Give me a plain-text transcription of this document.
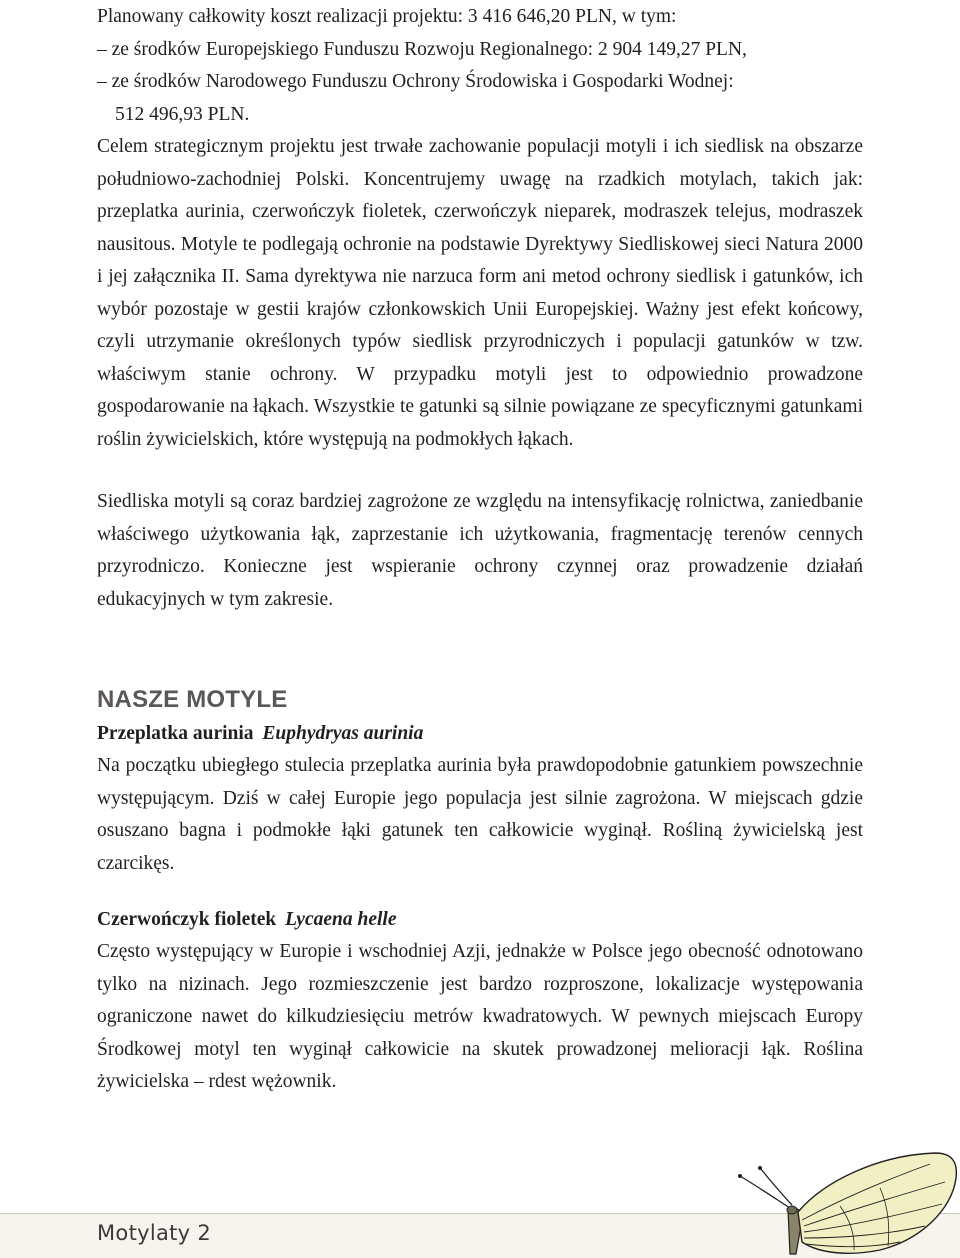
Planowany całkowity koszt realizacji projektu: 3 416 646,20 PLN, w tym:
– ze środków Europejskiego Funduszu Rozwoju Regionalnego: 2 904 149,27 PLN,
– ze środków Narodowego Funduszu Ochrony Środowiska i Gospodarki Wodnej:
512 496,93 PLN.
Celem strategicznym projektu jest trwałe zachowanie populacji motyli i ich siedlisk na obszarze południowo-zachodniej Polski. Koncentrujemy uwagę na rzadkich motylach, takich jak: przeplatka aurinia, czerwończyk fioletek, czerwończyk nieparek, modraszek telejus, modraszek nausitous. Motyle te podlegają ochronie na podstawie Dyrektywy Siedliskowej sieci Natura 2000 i jej załącznika II. Sama dyrektywa nie narzuca form ani metod ochrony siedlisk i gatunków, ich wybór pozostaje w gestii krajów członkowskich Unii Europejskiej. Ważny jest efekt końcowy, czyli utrzymanie określonych typów siedlisk przyrodniczych i populacji gatunków w tzw. właściwym stanie ochrony. W przypadku motyli jest to odpowiednio prowadzone gospodarowanie na łąkach. Wszystkie te gatunki są silnie powiązane ze specyficznymi gatunkami roślin żywicielskich, które występują na podmokłych łąkach.

Siedliska motyli są coraz bardziej zagrożone ze względu na intensyfikację rolnictwa, zaniedbanie właściwego użytkowania łąk, zaprzestanie ich użytkowania, fragmentację terenów cennych przyrodniczo. Konieczne jest wspieranie ochrony czynnej oraz prowadzenie działań edukacyjnych w tym zakresie.

NASZE MOTYLE
Przeplatka aurinia Euphydryas aurinia

Na początku ubiegłego stulecia przeplatka aurinia była prawdopodobnie gatunkiem powszechnie występującym. Dziś w całej Europie jego populacja jest silnie zagrożona. W miejscach gdzie osuszano bagna i podmokłe łąki gatunek ten całkowicie wyginął. Rośliną żywicielską jest czarcikęs.

Czerwończyk fioletek Lycaena helle

Często występujący w Europie i wschodniej Azji, jednakże w Polsce jego obecność odnotowano tylko na nizinach. Jego rozmieszczenie jest bardzo rozproszone, lokalizacje występowania ograniczone nawet do kilkudziesięciu metrów kwadratowych. W pewnych miejscach Europy Środkowej motyl ten wyginął całkowicie na skutek prowadzonej melioracji łąk. Roślina żywicielska – rdest wężownik.

Motylaty 2
